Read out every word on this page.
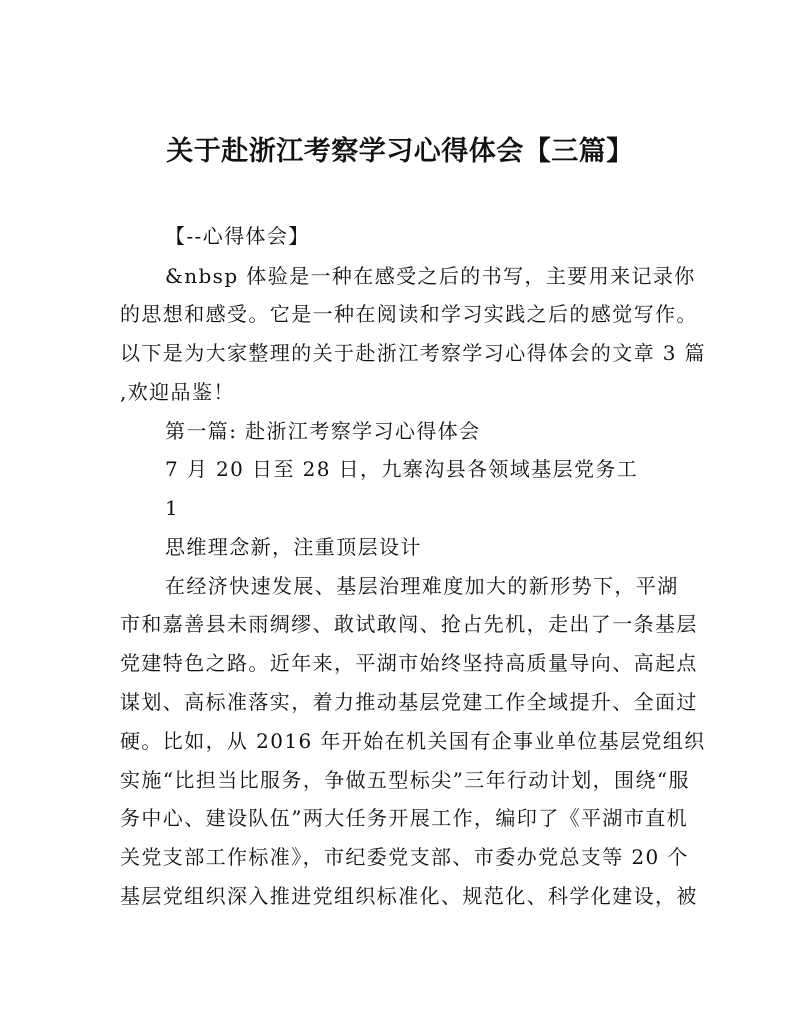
关于赴浙江考察学习心得体会【三篇】
【--心得体会】
&nbsp 体验是一种在感受之后的书写，主要用来记录你
的思想和感受。它是一种在阅读和学习实践之后的感觉写作。
以下是为大家整理的关于赴浙江考察学习心得体会的文章 3 篇
,欢迎品鉴！
第一篇: 赴浙江考察学习心得体会
7 月 20 日至 28 日，九寨沟县各领域基层党务工
1
思维理念新，注重顶层设计
在经济快速发展、基层治理难度加大的新形势下，平湖
市和嘉善县未雨绸缪、敢试敢闯、抢占先机，走出了一条基层
党建特色之路。近年来，平湖市始终坚持高质量导向、高起点
谋划、高标准落实，着力推动基层党建工作全域提升、全面过
硬。比如，从 2016 年开始在机关国有企事业单位基层党组织
实施“比担当比服务，争做五型标尖”三年行动计划，围绕“服
务中心、建设队伍”两大任务开展工作，编印了《平湖市直机
关党支部工作标准》，市纪委党支部、市委办党总支等 20 个
基层党组织深入推进党组织标准化、规范化、科学化建设，被
